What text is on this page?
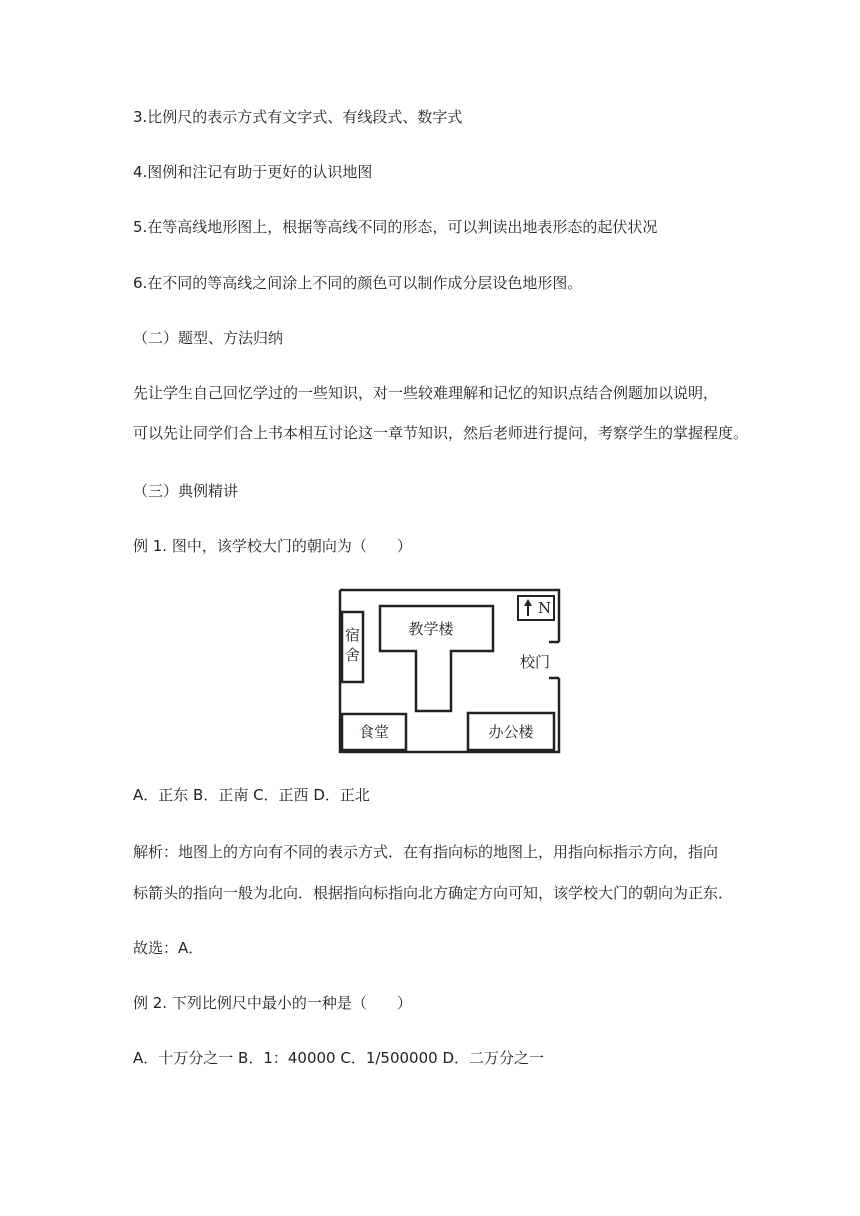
3.比例尺的表示方式有文字式、有线段式、数字式
4.图例和注记有助于更好的认识地图
5.在等高线地形图上，根据等高线不同的形态，可以判读出地表形态的起伏状况
6.在不同的等高线之间涂上不同的颜色可以制作成分层设色地形图。
（二）题型、方法归纳
先让学生自己回忆学过的一些知识，对一些较难理解和记忆的知识点结合例题加以说明，
可以先让同学们合上书本相互讨论这一章节知识，然后老师进行提问，考察学生的掌握程度。
（三）典例精讲
例 1. 图中，该学校大门的朝向为（　　）
宿
舍
教学楼
N
校门
食堂	办公楼
A．正东 B．正南 C．正西 D．正北
解析：地图上的方向有不同的表示方式．在有指向标的地图上，用指向标指示方向，指向
标箭头的指向一般为北向．根据指向标指向北方确定方向可知，该学校大门的朝向为正东．
故选：A．
例 2. 下列比例尺中最小的一种是（　　）
A．十万分之一 B．1：40000 C．1/500000 D．二万分之一
